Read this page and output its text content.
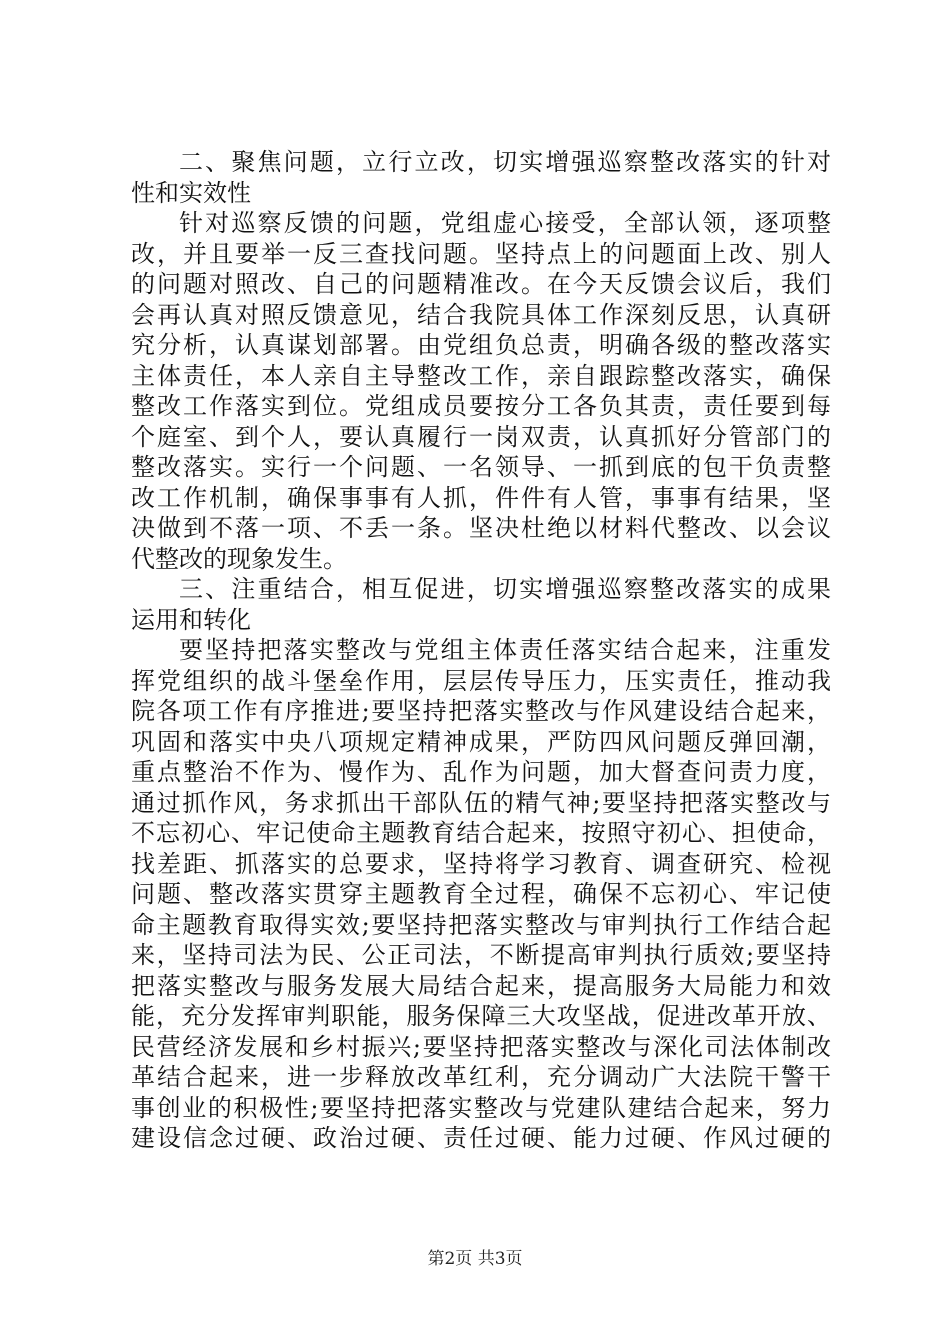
二、聚焦问题，立行立改，切实增强巡察整改落实的针对
性和实效性
针对巡察反馈的问题，党组虚心接受，全部认领，逐项整
改，并且要举一反三查找问题。坚持点上的问题面上改、别人
的问题对照改、自己的问题精准改。在今天反馈会议后，我们
会再认真对照反馈意见，结合我院具体工作深刻反思，认真研
究分析，认真谋划部署。由党组负总责，明确各级的整改落实
主体责任，本人亲自主导整改工作，亲自跟踪整改落实，确保
整改工作落实到位。党组成员要按分工各负其责，责任要到每
个庭室、到个人，要认真履行一岗双责，认真抓好分管部门的
整改落实。实行一个问题、一名领导、一抓到底的包干负责整
改工作机制，确保事事有人抓，件件有人管，事事有结果，坚
决做到不落一项、不丢一条。坚决杜绝以材料代整改、以会议
代整改的现象发生。
三、注重结合，相互促进，切实增强巡察整改落实的成果
运用和转化
要坚持把落实整改与党组主体责任落实结合起来，注重发
挥党组织的战斗堡垒作用，层层传导压力，压实责任，推动我
院各项工作有序推进;要坚持把落实整改与作风建设结合起来，
巩固和落实中央八项规定精神成果，严防四风问题反弹回潮，
重点整治不作为、慢作为、乱作为问题，加大督查问责力度，
通过抓作风，务求抓出干部队伍的精气神;要坚持把落实整改与
不忘初心、牢记使命主题教育结合起来，按照守初心、担使命，
找差距、抓落实的总要求，坚持将学习教育、调查研究、检视
问题、整改落实贯穿主题教育全过程，确保不忘初心、牢记使
命主题教育取得实效;要坚持把落实整改与审判执行工作结合起
来，坚持司法为民、公正司法，不断提高审判执行质效;要坚持
把落实整改与服务发展大局结合起来，提高服务大局能力和效
能，充分发挥审判职能，服务保障三大攻坚战，促进改革开放、
民营经济发展和乡村振兴;要坚持把落实整改与深化司法体制改
革结合起来，进一步释放改革红利，充分调动广大法院干警干
事创业的积极性;要坚持把落实整改与党建队建结合起来，努力
建设信念过硬、政治过硬、责任过硬、能力过硬、作风过硬的
第2页 共3页
